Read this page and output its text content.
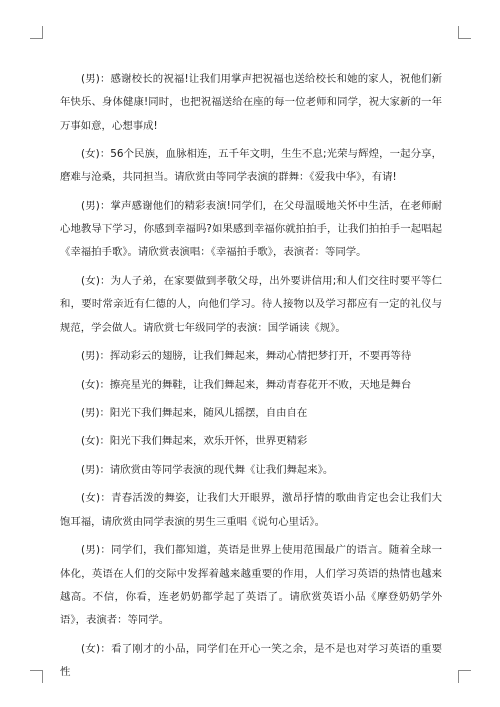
(男)：感谢校长的祝福!让我们用掌声把祝福也送给校长和她的家人，祝他们新年快乐、身体健康!同时，也把祝福送给在座的每一位老师和同学，祝大家新的一年万事如意，心想事成!

(女)：56个民族，血脉相连，五千年文明，生生不息;光荣与辉煌，一起分享，磨难与沧桑，共同担当。请欣赏由等同学表演的群舞：《爱我中华》，有请!

(男)：掌声感谢他们的精彩表演!同学们，在父母温暖地关怀中生活，在老师耐心地教导下学习，你感到幸福吗?如果感到幸福你就拍拍手，让我们拍拍手一起唱起《幸福拍手歌》。请欣赏表演唱：《幸福拍手歌》，表演者：等同学。

(女)：为人子弟，在家要做到孝敬父母，出外要讲信用;和人们交往时要平等仁和，要时常亲近有仁德的人，向他们学习。待人接物以及学习都应有一定的礼仪与规范，学会做人。请欣赏七年级同学的表演：国学诵读《规》。

(男)：挥动彩云的翅膀，让我们舞起来，舞动心情把梦打开，不要再等待

(女)：擦亮星光的舞鞋，让我们舞起来，舞动青春花开不败，天地是舞台

(男)：阳光下我们舞起来，随风儿摇摆，自由自在

(女)：阳光下我们舞起来，欢乐开怀，世界更精彩

(男)：请欣赏由等同学表演的现代舞《让我们舞起来》。

(女)：青春活泼的舞姿，让我们大开眼界，激昂抒情的歌曲肯定也会让我们大饱耳福，请欣赏由同学表演的男生三重唱《说句心里话》。

(男)：同学们，我们都知道，英语是世界上使用范围最广的语言。随着全球一体化，英语在人们的交际中发挥着越来越重要的作用，人们学习英语的热情也越来越高。不信，你看，连老奶奶都学起了英语了。请欣赏英语小品《摩登奶奶学外语》，表演者：等同学。

(女)：看了刚才的小品，同学们在开心一笑之余，是不是也对学习英语的重要性
